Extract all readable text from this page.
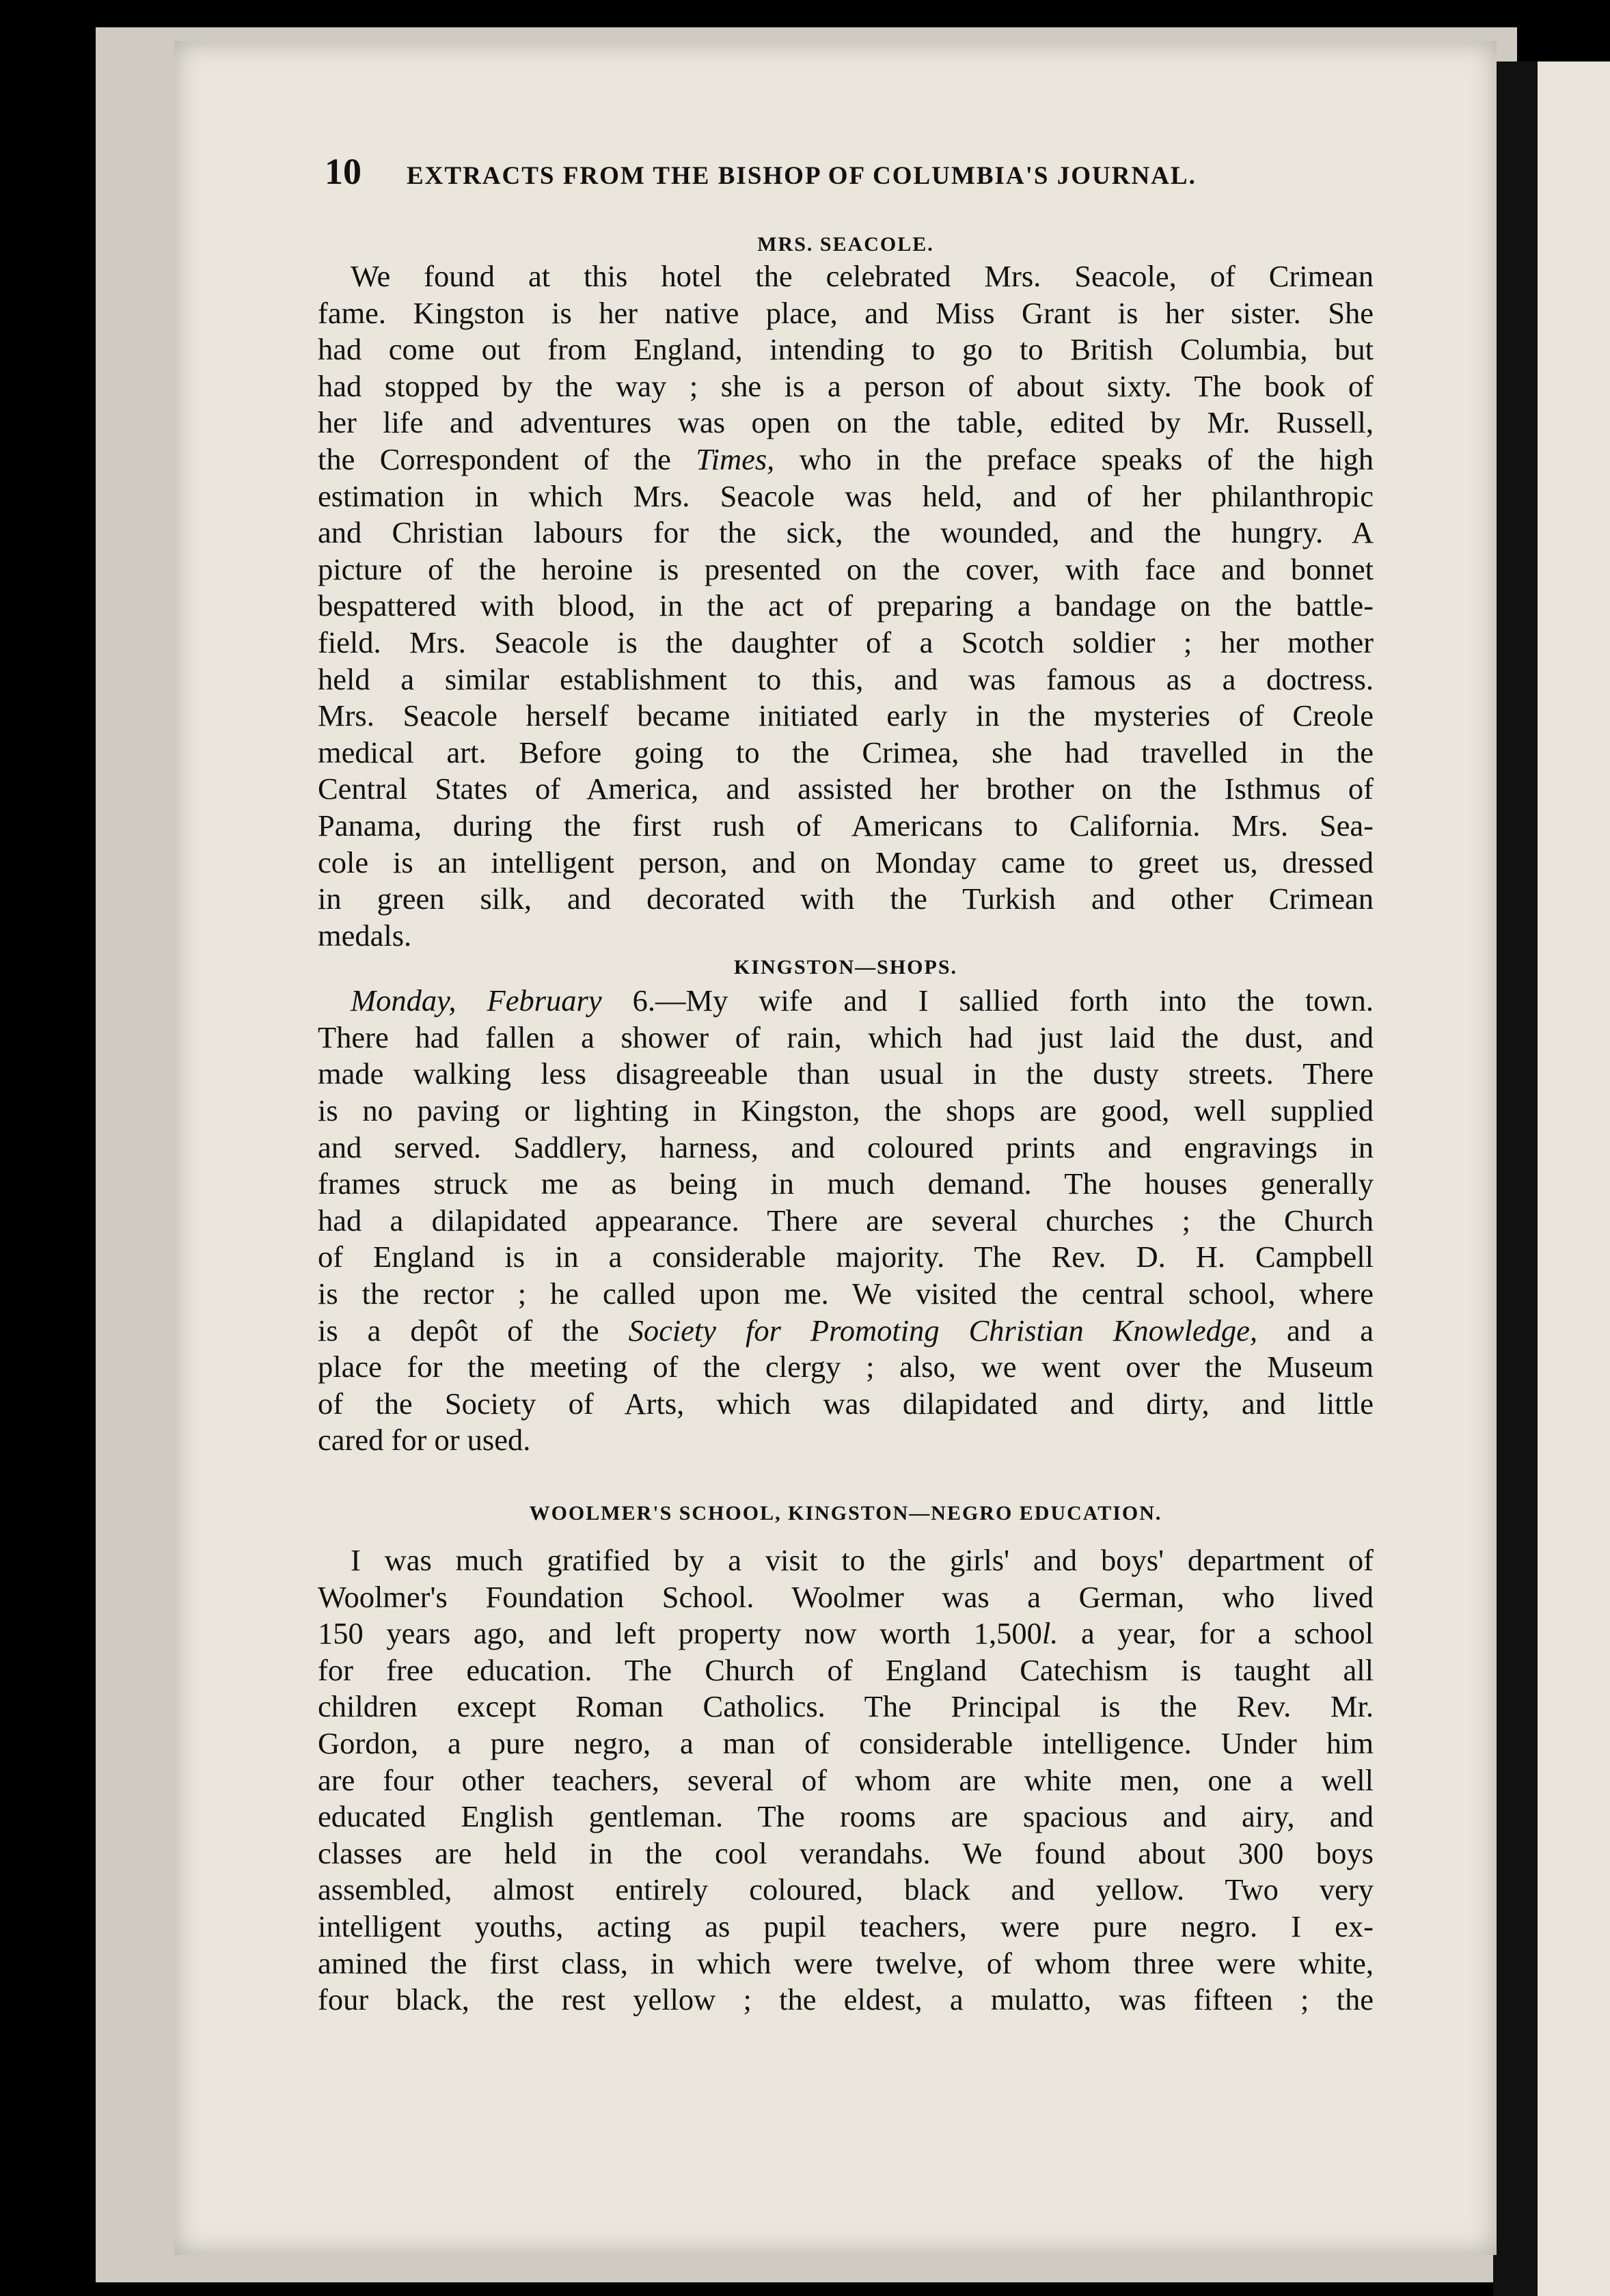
10	EXTRACTS FROM THE BISHOP OF COLUMBIA'S JOURNAL.
MRS. SEACOLE.
We found at this hotel the celebrated Mrs. Seacole, of Crimean
fame. Kingston is her native place, and Miss Grant is her sister. She
had come out from England, intending to go to British Columbia, but
had stopped by the way ; she is a person of about sixty. The book of
her life and adventures was open on the table, edited by Mr. Russell,
the Correspondent of the Times, who in the preface speaks of the high
estimation in which Mrs. Seacole was held, and of her philanthropic
and Christian labours for the sick, the wounded, and the hungry. A
picture of the heroine is presented on the cover, with face and bonnet
bespattered with blood, in the act of preparing a bandage on the battle-
field. Mrs. Seacole is the daughter of a Scotch soldier ; her mother
held a similar establishment to this, and was famous as a doctress.
Mrs. Seacole herself became initiated early in the mysteries of Creole
medical art. Before going to the Crimea, she had travelled in the
Central States of America, and assisted her brother on the Isthmus of
Panama, during the first rush of Americans to California. Mrs. Sea-
cole is an intelligent person, and on Monday came to greet us, dressed
in green silk, and decorated with the Turkish and other Crimean
medals.
KINGSTON—SHOPS.
Monday, February 6.—My wife and I sallied forth into the town.
There had fallen a shower of rain, which had just laid the dust, and
made walking less disagreeable than usual in the dusty streets. There
is no paving or lighting in Kingston, the shops are good, well supplied
and served. Saddlery, harness, and coloured prints and engravings in
frames struck me as being in much demand. The houses generally
had a dilapidated appearance. There are several churches ; the Church
of England is in a considerable majority. The Rev. D. H. Campbell
is the rector ; he called upon me. We visited the central school, where
is a depôt of the Society for Promoting Christian Knowledge, and a
place for the meeting of the clergy ; also, we went over the Museum
of the Society of Arts, which was dilapidated and dirty, and little
cared for or used.
WOOLMER'S SCHOOL, KINGSTON—NEGRO EDUCATION.
I was much gratified by a visit to the girls' and boys' department of
Woolmer's Foundation School. Woolmer was a German, who lived
150 years ago, and left property now worth 1,500l. a year, for a school
for free education. The Church of England Catechism is taught all
children except Roman Catholics. The Principal is the Rev. Mr.
Gordon, a pure negro, a man of considerable intelligence. Under him
are four other teachers, several of whom are white men, one a well
educated English gentleman. The rooms are spacious and airy, and
classes are held in the cool verandahs. We found about 300 boys
assembled, almost entirely coloured, black and yellow. Two very
intelligent youths, acting as pupil teachers, were pure negro. I ex-
amined the first class, in which were twelve, of whom three were white,
four black, the rest yellow ; the eldest, a mulatto, was fifteen ; the
